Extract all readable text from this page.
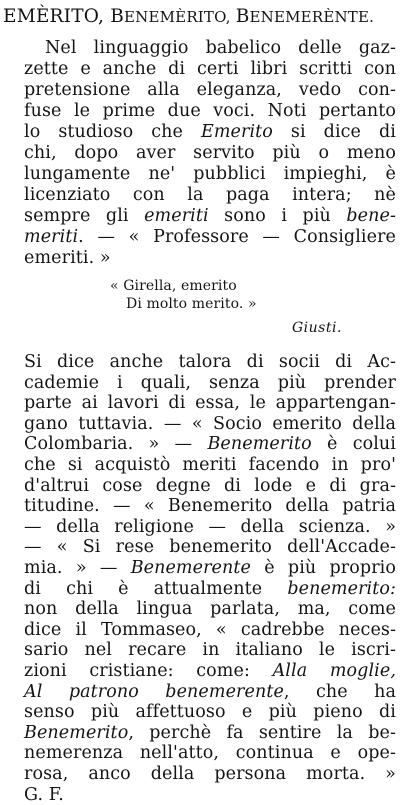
EMÈRITO, BENEMÈRITO, BENEMERÈNTE.
Nel linguaggio babelico delle gaz-
zette e anche di certi libri scritti con
pretensione alla eleganza, vedo con-
fuse le prime due voci. Noti pertanto
lo studioso che Emerito si dice di
chi, dopo aver servito più o meno
lungamente ne' pubblici impieghi, è
licenziato con la paga intera; nè
sempre gli emeriti sono i più bene-
meriti. — « Professore — Consigliere
emeriti. »
« Girella, emerito
Di molto merito. »
Giusti.
Si dice anche talora di socii di Ac-
cademie i quali, senza più prender
parte ai lavori di essa, le appartengan-
gano tuttavia. — « Socio emerito della
Colombaria. » — Benemerito è colui
che si acquistò meriti facendo in pro'
d'altrui cose degne di lode e di gra-
titudine. — « Benemerito della patria
— della religione — della scienza. »
— « Si rese benemerito dell'Accade-
mia. » — Benemerente è più proprio
di chi è attualmente benemerito:
non della lingua parlata, ma, come
dice il Tommaseo, « cadrebbe neces-
sario nel recare in italiano le iscri-
zioni cristiane: come: Alla moglie,
Al patrono benemerente, che ha
senso più affettuoso e più pieno di
Benemerito, perchè fa sentire la be-
nemerenza nell'atto, continua e ope-
rosa, anco della persona morta. »
G. F.
